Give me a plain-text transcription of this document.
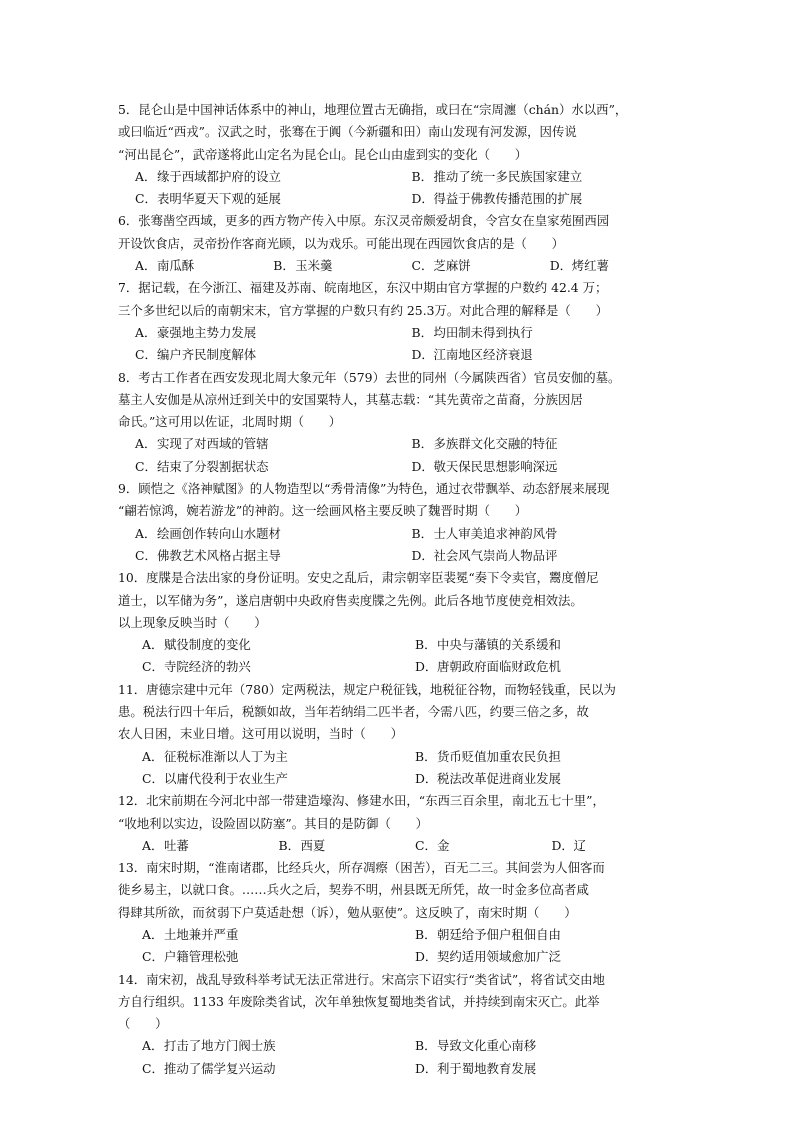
5．昆仑山是中国神话体系中的神山，地理位置古无确指，或曰在“宗周瀍（chán）水以西”，
或曰临近“西戎”。汉武之时，张骞在于阗（今新疆和田）南山发现有河发源，因传说
“河出昆仑”，武帝遂将此山定名为昆仑山。昆仑山由虚到实的变化（　　）
A．缘于西域都护府的设立	B．推动了统一多民族国家建立
C．表明华夏天下观的延展	D．得益于佛教传播范围的扩展
6．张骞凿空西域，更多的西方物产传入中原。东汉灵帝颇爱胡食，令宫女在皇家苑囿西园
开设饮食店，灵帝扮作客商光顾，以为戏乐。可能出现在西园饮食店的是（　　）
A．南瓜酥	B．玉米羹	C．芝麻饼	D．烤红薯
7．据记载，在今浙江、福建及苏南、皖南地区，东汉中期由官方掌握的户数约 42.4 万；
三个多世纪以后的南朝宋末，官方掌握的户数只有约 25.3万。对此合理的解释是（　　）
A．豪强地主势力发展	B．均田制未得到执行
C．编户齐民制度解体	D．江南地区经济衰退
8．考古工作者在西安发现北周大象元年（579）去世的同州（今属陕西省）官员安伽的墓。
墓主人安伽是从凉州迁到关中的安国粟特人，其墓志载：“其先黄帝之苗裔，分族因居
命氏。”这可用以佐证，北周时期（　　）
A．实现了对西域的管辖	B．多族群文化交融的特征
C．结束了分裂割据状态	D．敬天保民思想影响深远
9．顾恺之《洛神赋图》的人物造型以“秀骨清像”为特色，通过衣带飘举、动态舒展来展现
“翩若惊鸿，婉若游龙”的神韵。这一绘画风格主要反映了魏晋时期（　　）
A．绘画创作转向山水题材	B．士人审美追求神韵风骨
C．佛教艺术风格占据主导	D．社会风气崇尚人物品评
10．度牒是合法出家的身份证明。安史之乱后，肃宗朝宰臣裴冕“奏下令卖官，鬻度僧尼
道士，以军储为务”，遂启唐朝中央政府售卖度牒之先例。此后各地节度使竞相效法。
以上现象反映当时（　　）
A．赋役制度的变化	B．中央与藩镇的关系缓和
C．寺院经济的勃兴	D．唐朝政府面临财政危机
11．唐德宗建中元年（780）定两税法，规定户税征钱，地税征谷物，而物轻钱重，民以为
患。税法行四十年后，税额如故，当年若纳绢二匹半者，今需八匹，约要三倍之多，故
农人日困，末业日增。这可用以说明，当时（　　）
A．征税标准渐以人丁为主	B．货币贬值加重农民负担
C．以庸代役利于农业生产	D．税法改革促进商业发展
12．北宋前期在今河北中部一带建造壕沟、修建水田，“东西三百余里，南北五七十里”，
“收地利以实边，设险固以防塞”。其目的是防御（　　）
A．吐蕃	B．西夏	C．金	D．辽
13．南宋时期，“淮南诸郡，比经兵火，所存凋瘵（困苦），百无二三。其间尝为人佃客而
徙乡易主，以就口食。……兵火之后，契券不明，州县既无所凭，故一时金多位高者咸
得肆其所欲，而贫弱下户莫适赴想（诉），勉从驱使”。这反映了，南宋时期（　　）
A．土地兼并严重	B．朝廷给予佃户租佃自由
C．户籍管理松弛	D．契约适用领域愈加广泛
14．南宋初，战乱导致科举考试无法正常进行。宋高宗下诏实行“类省试”，将省试交由地
方自行组织。1133 年废除类省试，次年单独恢复蜀地类省试，并持续到南宋灭亡。此举
（　　）
A．打击了地方门阀士族	B．导致文化重心南移
C．推动了儒学复兴运动	D．利于蜀地教育发展
